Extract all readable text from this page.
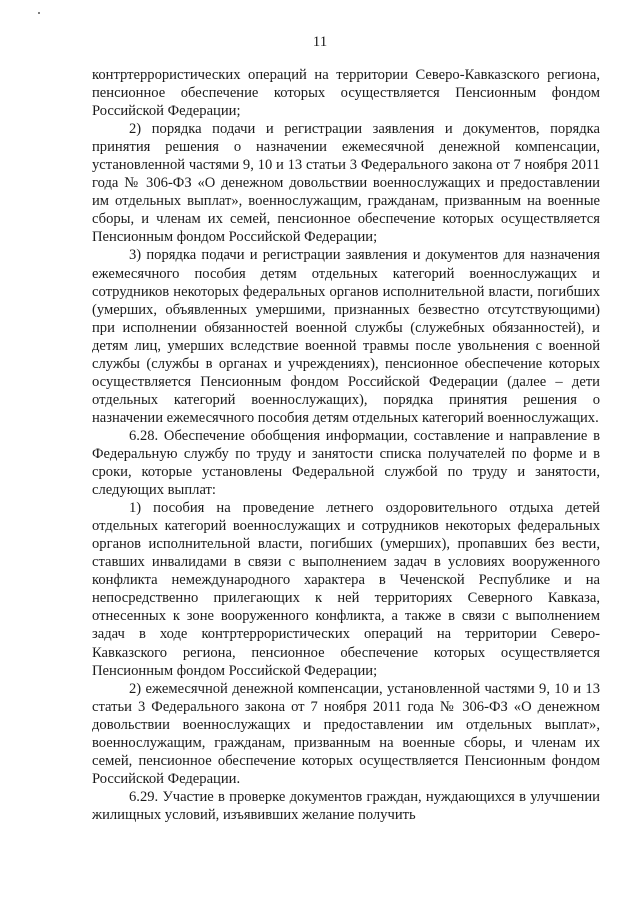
11

контртеррористических операций на территории Северо-Кавказского региона, пенсионное обеспечение которых осуществляется Пенсионным фондом Российской Федерации;

2) порядка подачи и регистрации заявления и документов, порядка принятия решения о назначении ежемесячной денежной компенсации, установленной частями 9, 10 и 13 статьи 3 Федерального закона от 7 ноября 2011 года № 306-ФЗ «О денежном довольствии военнослужащих и предоставлении им отдельных выплат», военнослужащим, гражданам, призванным на военные сборы, и членам их семей, пенсионное обеспечение которых осуществляется Пенсионным фондом Российской Федерации;

3) порядка подачи и регистрации заявления и документов для назначения ежемесячного пособия детям отдельных категорий военнослужащих и сотрудников некоторых федеральных органов исполнительной власти, погибших (умерших, объявленных умершими, признанных безвестно отсутствующими) при исполнении обязанностей военной службы (служебных обязанностей), и детям лиц, умерших вследствие военной травмы после увольнения с военной службы (службы в органах и учреждениях), пенсионное обеспечение которых осуществляется Пенсионным фондом Российской Федерации (далее – дети отдельных категорий военнослужащих), порядка принятия решения о назначении ежемесячного пособия детям отдельных категорий военнослужащих.

6.28. Обеспечение обобщения информации, составление и направление в Федеральную службу по труду и занятости списка получателей по форме и в сроки, которые установлены Федеральной службой по труду и занятости, следующих выплат:

1) пособия на проведение летнего оздоровительного отдыха детей отдельных категорий военнослужащих и сотрудников некоторых федеральных органов исполнительной власти, погибших (умерших), пропавших без вести, ставших инвалидами в связи с выполнением задач в условиях вооруженного конфликта немеждународного характера в Чеченской Республике и на непосредственно прилегающих к ней территориях Северного Кавказа, отнесенных к зоне вооруженного конфликта, а также в связи с выполнением задач в ходе контртеррористических операций на территории Северо-Кавказского региона, пенсионное обеспечение которых осуществляется Пенсионным фондом Российской Федерации;

2) ежемесячной денежной компенсации, установленной частями 9, 10 и 13 статьи 3 Федерального закона от 7 ноября 2011 года № 306-ФЗ «О денежном довольствии военнослужащих и предоставлении им отдельных выплат», военнослужащим, гражданам, призванным на военные сборы, и членам их семей, пенсионное обеспечение которых осуществляется Пенсионным фондом Российской Федерации.

6.29. Участие в проверке документов граждан, нуждающихся в улучшении жилищных условий, изъявивших желание получить
